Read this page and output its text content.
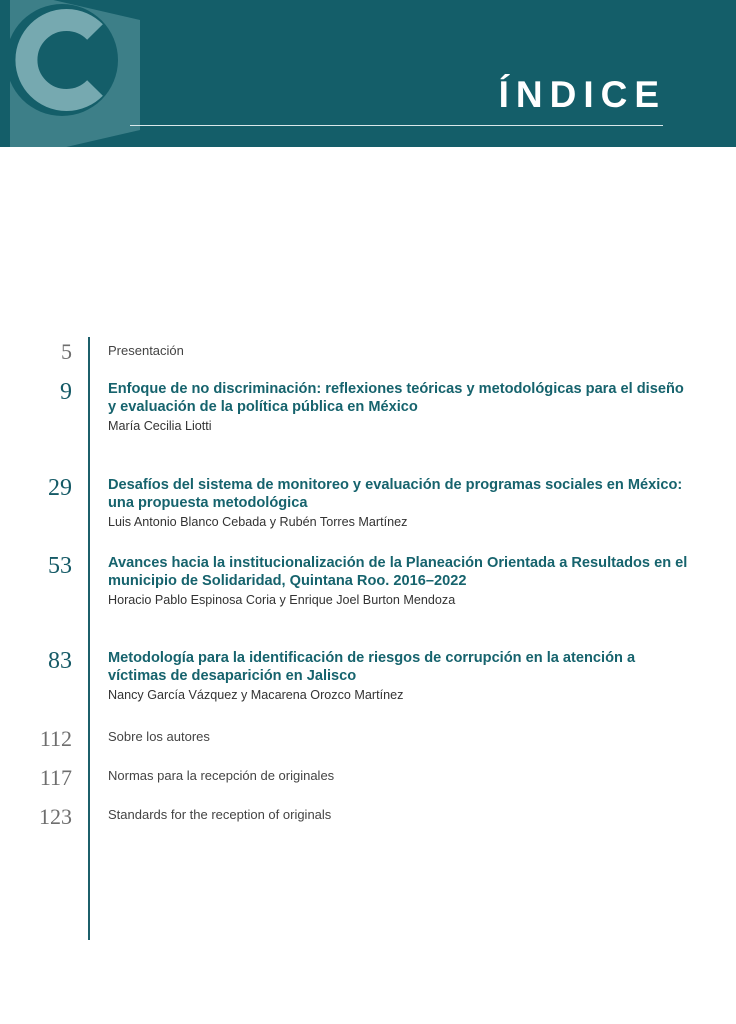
ÍNDICE
5	Presentación
9 Enfoque de no discriminación: reflexiones teóricas y metodológicas para el diseño y evaluación de la política pública en México
María Cecilia Liotti
29 Desafíos del sistema de monitoreo y evaluación de programas sociales en México: una propuesta metodológica
Luis Antonio Blanco Cebada y Rubén Torres Martínez
53 Avances hacia la institucionalización de la Planeación Orientada a Resultados en el municipio de Solidaridad, Quintana Roo. 2016–2022
Horacio Pablo Espinosa Coria y Enrique Joel Burton Mendoza
83 Metodología para la identificación de riesgos de corrupción en la atención a víctimas de desaparición en Jalisco
Nancy García Vázquez y Macarena Orozco Martínez
112	Sobre los autores
117	Normas para la recepción de originales
123	Standards for the reception of originals
